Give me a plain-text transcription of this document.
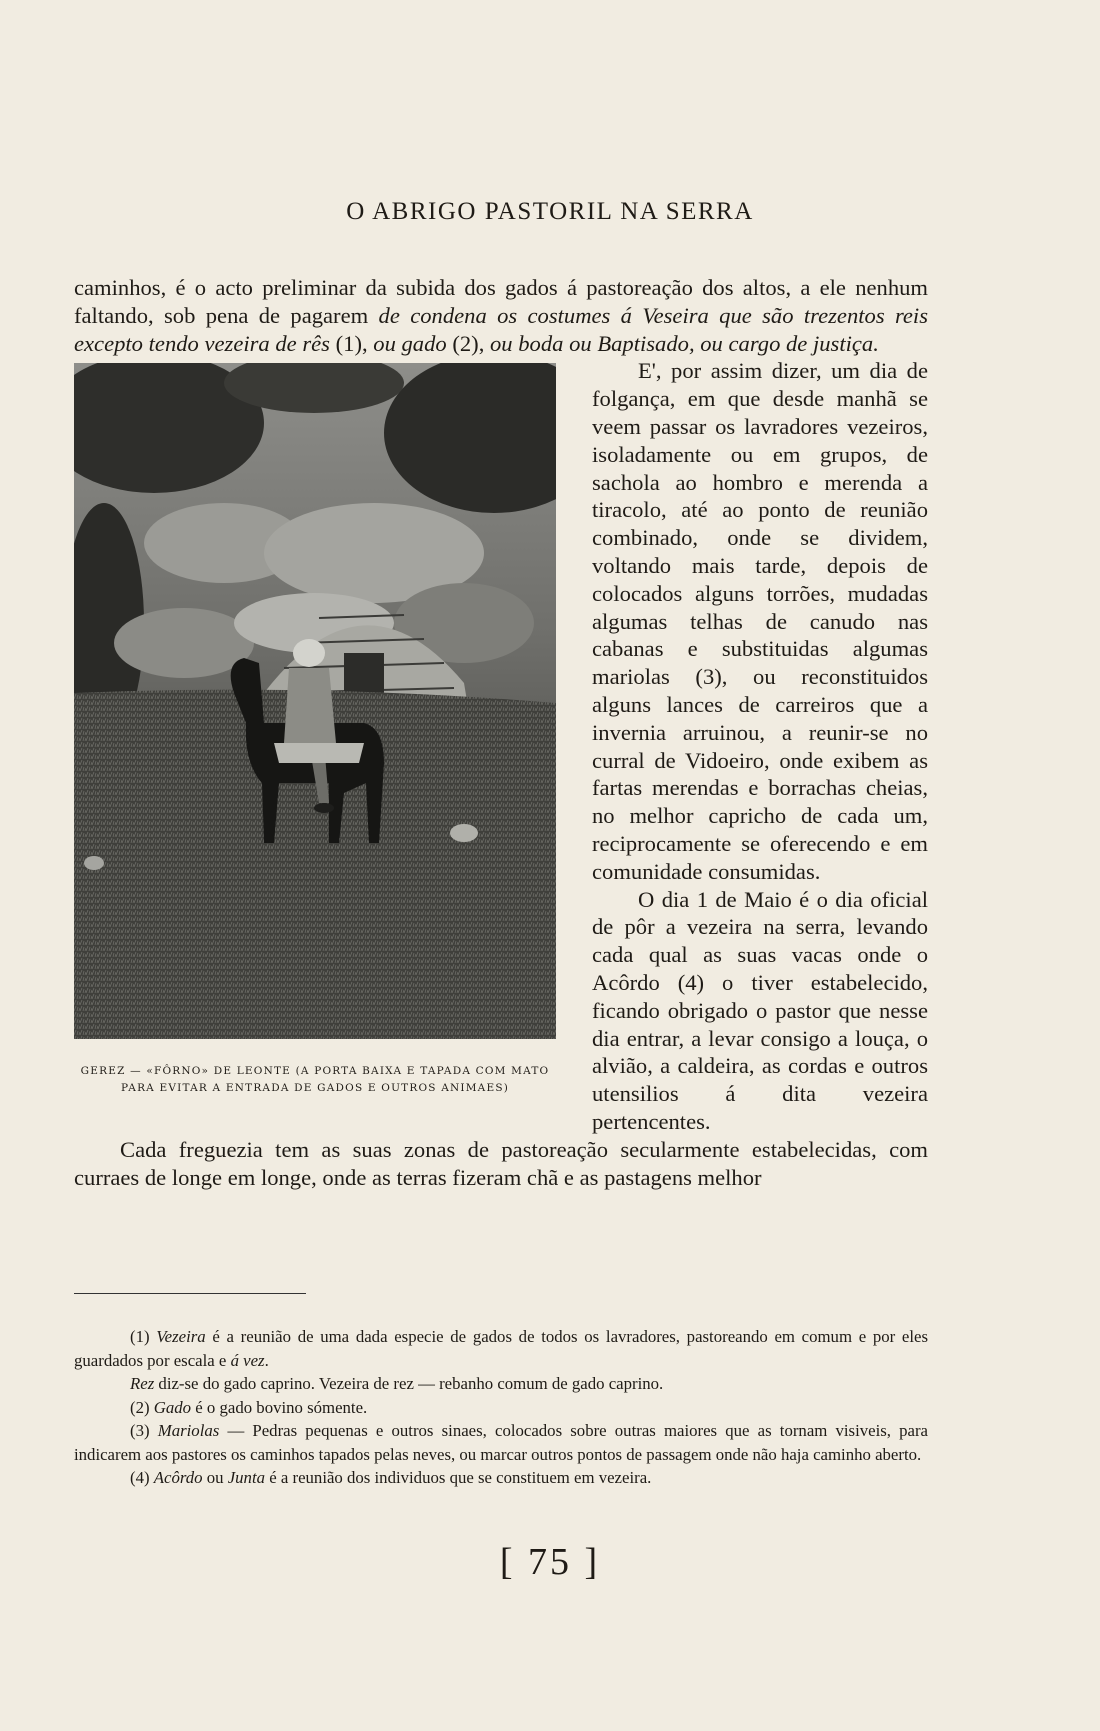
O ABRIGO PASTORIL NA SERRA

caminhos, é o acto preliminar da subida dos gados á pastoreação dos altos, a ele nenhum faltando, sob pena de pagarem de condena os costumes á Veseira que são trezentos reis excepto tendo vezeira de rês (1), ou gado (2), ou boda ou Baptisado, ou cargo de justiça.

GEREZ — «FÔRNO» DE LEONTE (A PORTA BAIXA E TAPADA COM MATO
PARA EVITAR A ENTRADA DE GADOS E OUTROS ANIMAES)

E', por assim dizer, um dia de folgança, em que desde manhã se veem passar os lavradores vezeiros, isoladamente ou em grupos, de sachola ao hombro e merenda a tiracolo, até ao ponto de reunião combinado, onde se dividem, voltando mais tarde, depois de colocados alguns torrões, mudadas algumas telhas de canudo nas cabanas e substituidas algumas mariolas (3), ou reconstituidos alguns lances de carreiros que a invernia arruinou, a reunir-se no curral de Vidoeiro, onde exibem as fartas merendas e borrachas cheias, no melhor capricho de cada um, reciprocamente se oferecendo e em comunidade consumidas.

O dia 1 de Maio é o dia oficial de pôr a vezeira na serra, levando cada qual as suas vacas onde o Acôrdo (4) o tiver estabelecido, ficando obrigado o pastor que nesse dia entrar, a levar consigo a louça, o alvião, a caldeira, as cordas e outros utensilios á dita vezeira pertencentes.

Cada freguezia tem as suas zonas de pastoreação secularmente estabelecidas, com curraes de longe em longe, onde as terras fizeram chã e as pastagens melhor

(1) Vezeira é a reunião de uma dada especie de gados de todos os lavradores, pastoreando em comum e por eles guardados por escala e á vez.

Rez diz-se do gado caprino. Vezeira de rez — rebanho comum de gado caprino.

(2) Gado é o gado bovino sómente.

(3) Mariolas — Pedras pequenas e outros sinaes, colocados sobre outras maiores que as tornam visiveis, para indicarem aos pastores os caminhos tapados pelas neves, ou marcar outros pontos de passagem onde não haja caminho aberto.

(4) Acôrdo ou Junta é a reunião dos individuos que se constituem em vezeira.

[ 75 ]
